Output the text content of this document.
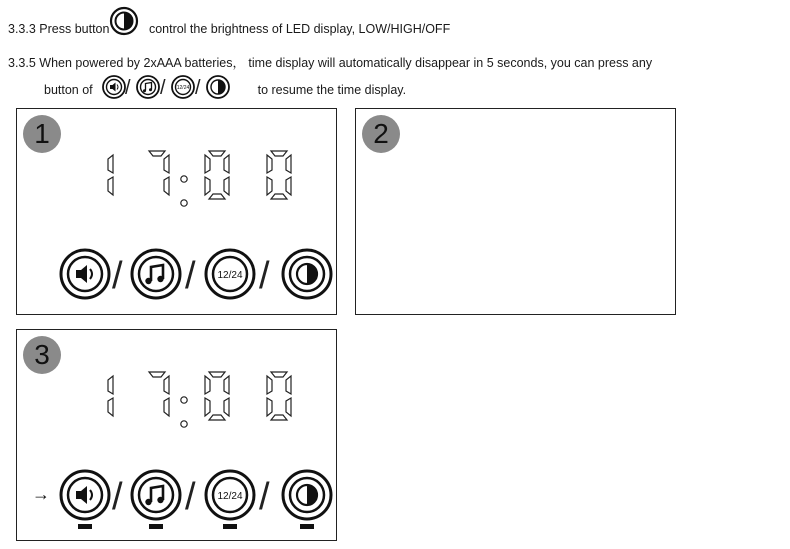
3.3.3 Press button	control the brightness of LED display, LOW/HIGH/OFF
3.3.5 When powered by 2xAAA batteries， time display will automatically disappear in 5 seconds, you can press any
button of / / 12/24 /	to resume the time display.
1
12/24
/ / /
2
3
12/24
/ / /
→
